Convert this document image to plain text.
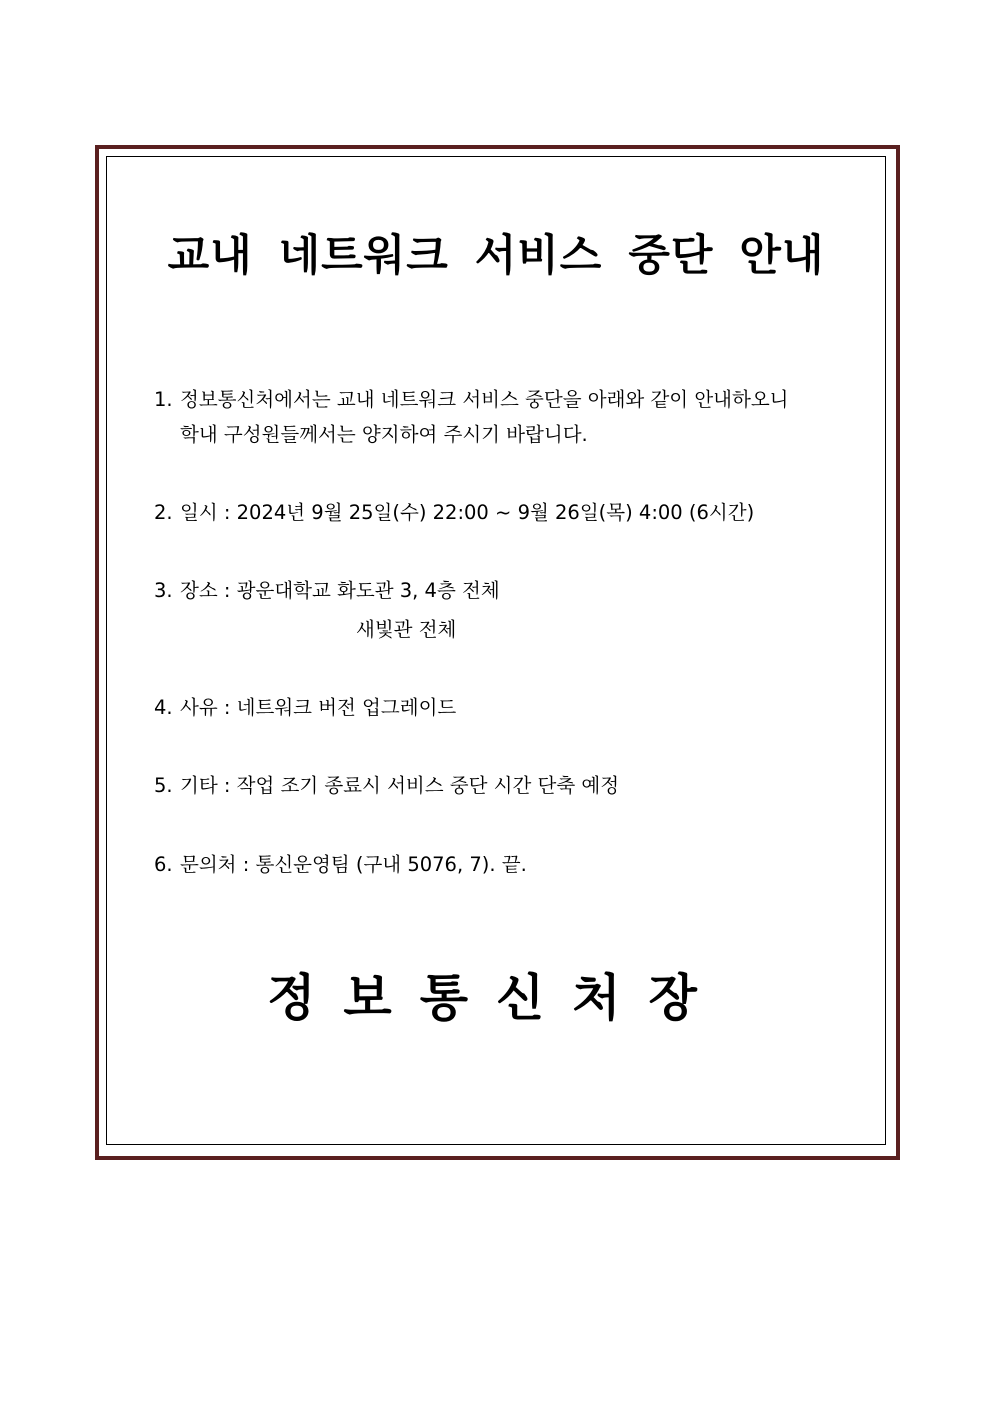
교내 네트워크 서비스 중단 안내
1. 정보통신처에서는 교내 네트워크 서비스 중단을 아래와 같이 안내하오니
학내 구성원들께서는 양지하여 주시기 바랍니다.
2. 일시 : 2024년 9월 25일(수) 22:00 ~ 9월 26일(목) 4:00 (6시간)
3. 장소 : 광운대학교 화도관 3, 4층 전체
새빛관 전체
4. 사유 : 네트워크 버전 업그레이드
5. 기타 : 작업 조기 종료시 서비스 중단 시간 단축 예정
6. 문의처 : 통신운영팀 (구내 5076, 7). 끝.
정보통신처장
